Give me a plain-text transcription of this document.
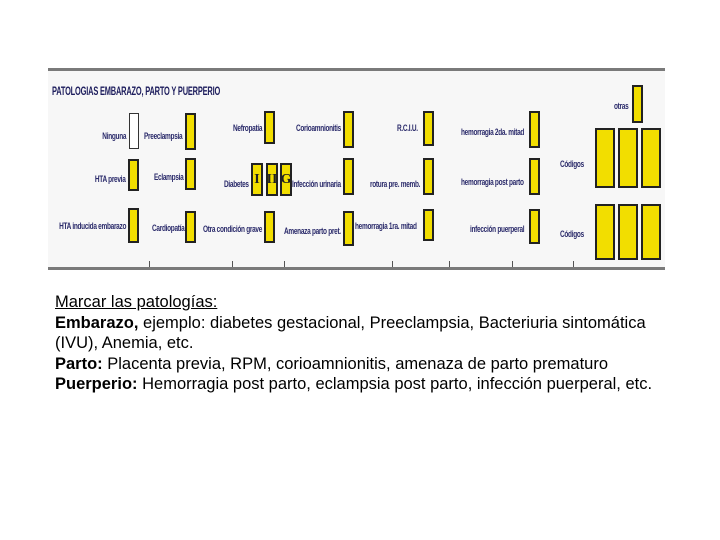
PATOLOGIAS EMBARAZO, PARTO Y PUERPERIO
Ninguna
HTA previa
HTA inducida embarazo
Preeclampsia
Eclampsia
Cardiopatía
Nefropatía
Diabetes I II G
Otra condición grave
Corioamnionitis
Infección urinaria
Amenaza parto pret.
R.C.I.U.
rotura pre. memb.
hemorragia 1ra. mitad
hemorragia 2da. mitad
hemorragia post parto
infección puerperal
otras
Códigos
Códigos

Marcar las patologías:

Embarazo, ejemplo: diabetes gestacional, Preeclampsia, Bacteriuria sintomática (IVU), Anemia, etc.

Parto: Placenta previa, RPM, corioamnionitis, amenaza de parto prematuro

Puerperio: Hemorragia post parto, eclampsia post parto, infección puerperal, etc.
